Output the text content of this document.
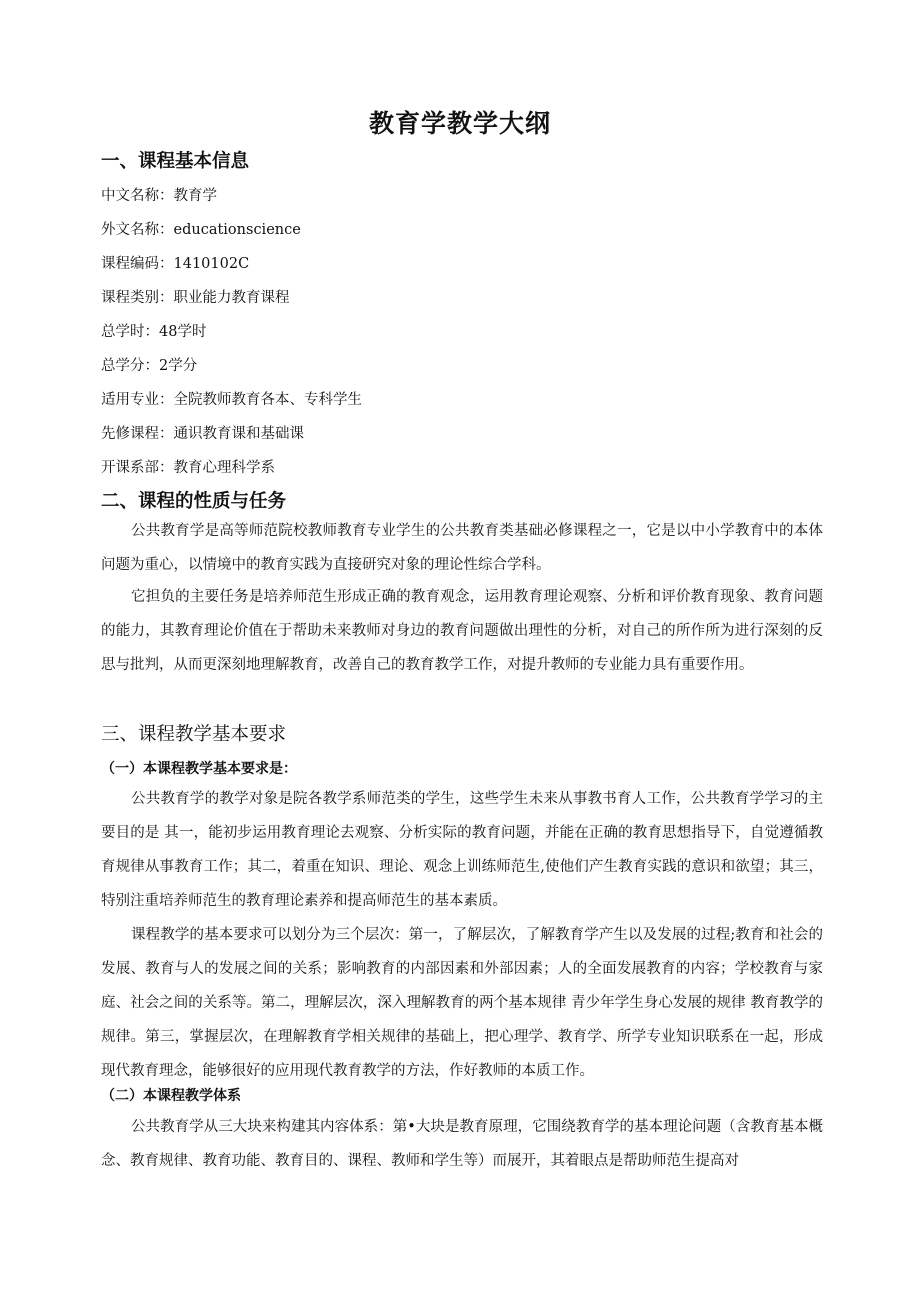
教育学教学大纲
一、课程基本信息
中文名称：教育学
外文名称：educationscience
课程编码：1410102C
课程类别：职业能力教育课程
总学时：48学时
总学分：2学分
适用专业：全院教师教育各本、专科学生
先修课程：通识教育课和基础课
开课系部：教育心理科学系
二、课程的性质与任务

公共教育学是高等师范院校教师教育专业学生的公共教育类基础必修课程之一，它是以中小学教育中的本体问题为重心，以情境中的教育实践为直接研究对象的理论性综合学科。

它担负的主要任务是培养师范生形成正确的教育观念，运用教育理论观察、分析和评价教育现象、教育问题的能力，其教育理论价值在于帮助未来教师对身边的教育问题做出理性的分析，对自己的所作所为进行深刻的反思与批判，从而更深刻地理解教育，改善自己的教育教学工作，对提升教师的专业能力具有重要作用。

三、课程教学基本要求
（一）本课程教学基本要求是：

公共教育学的教学对象是院各教学系师范类的学生，这些学生未来从事教书育人工作，公共教育学学习的主要目的是 其一，能初步运用教育理论去观察、分析实际的教育问题，并能在正确的教育思想指导下，自觉遵循教育规律从事教育工作；其二，着重在知识、理论、观念上训练师范生,使他们产生教育实践的意识和欲望；其三，特别注重培养师范生的教育理论素养和提高师范生的基本素质。

课程教学的基本要求可以划分为三个层次：第一，了解层次，了解教育学产生以及发展的过程;教育和社会的发展、教育与人的发展之间的关系；影响教育的内部因素和外部因素；人的全面发展教育的内容；学校教育与家庭、社会之间的关系等。第二，理解层次，深入理解教育的两个基本规律 青少年学生身心发展的规律 教育教学的规律。第三，掌握层次，在理解教育学相关规律的基础上，把心理学、教育学、所学专业知识联系在一起，形成现代教育理念，能够很好的应用现代教育教学的方法，作好教师的本质工作。

（二）本课程教学体系

公共教育学从三大块来构建其内容体系：第•大块是教育原理，它围绕教育学的基本理论问题（含教育基本概念、教育规律、教育功能、教育目的、课程、教师和学生等）而展开，其着眼点是帮助师范生提高对
